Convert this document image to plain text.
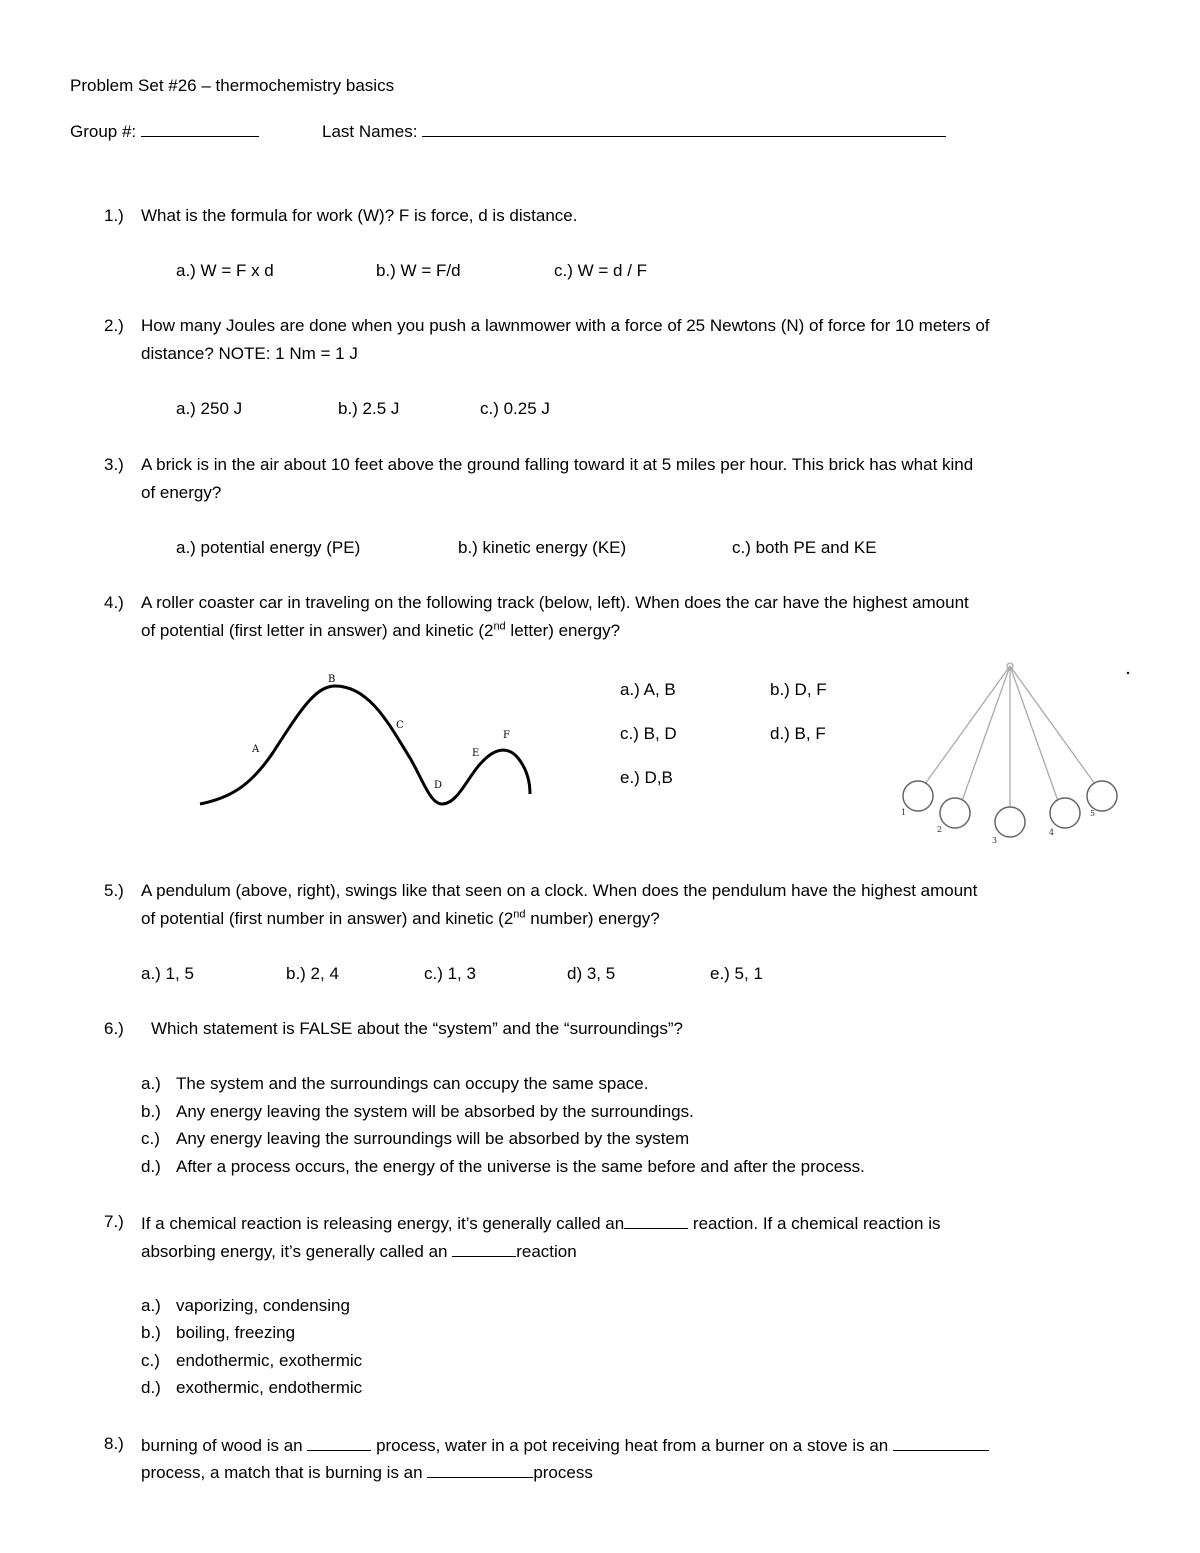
Problem Set #26 – thermochemistry basics
Group #:	Last Names:
1.) What is the formula for work (W)? F is force, d is distance.
a.) W = F x d	b.) W = F/d	c.) W = d / F
2.) How many Joules are done when you push a lawnmower with a force of 25 Newtons (N) of force for 10 meters of
distance? NOTE: 1 Nm = 1 J
a.) 250 J	b.) 2.5 J	c.) 0.25 J
3.) A brick is in the air about 10 feet above the ground falling toward it at 5 miles per hour. This brick has what kind
of energy?
a.) potential energy (PE)	b.) kinetic energy (KE)	c.) both PE and KE
4.) A roller coaster car in traveling on the following track (below, left). When does the car have the highest amount
of potential (first letter in answer) and kinetic (2nd letter) energy?
A
B
C
D
E
F
a.) A, B	b.) D, F
c.) B, D	d.) B, F
e.) D,B
1
2
3
4
5
5.) A pendulum (above, right), swings like that seen on a clock. When does the pendulum have the highest amount
of potential (first number in answer) and kinetic (2nd number) energy?
a.) 1, 5	b.) 2, 4	c.) 1, 3	d) 3, 5	e.) 5, 1
6.) Which statement is FALSE about the “system” and the “surroundings”?
a.) The system and the surroundings can occupy the same space.
b.) Any energy leaving the system will be absorbed by the surroundings.
c.) Any energy leaving the surroundings will be absorbed by the system
d.) After a process occurs, the energy of the universe is the same before and after the process.
7.) If a chemical reaction is releasing energy, it’s generally called an	reaction. If a chemical reaction is
absorbing energy, it’s generally called an	reaction
a.) vaporizing, condensing
b.) boiling, freezing
c.) endothermic, exothermic
d.) exothermic, endothermic
8.) burning of wood is an	process, water in a pot receiving heat from a burner on a stove is an
process, a match that is burning is an	process
